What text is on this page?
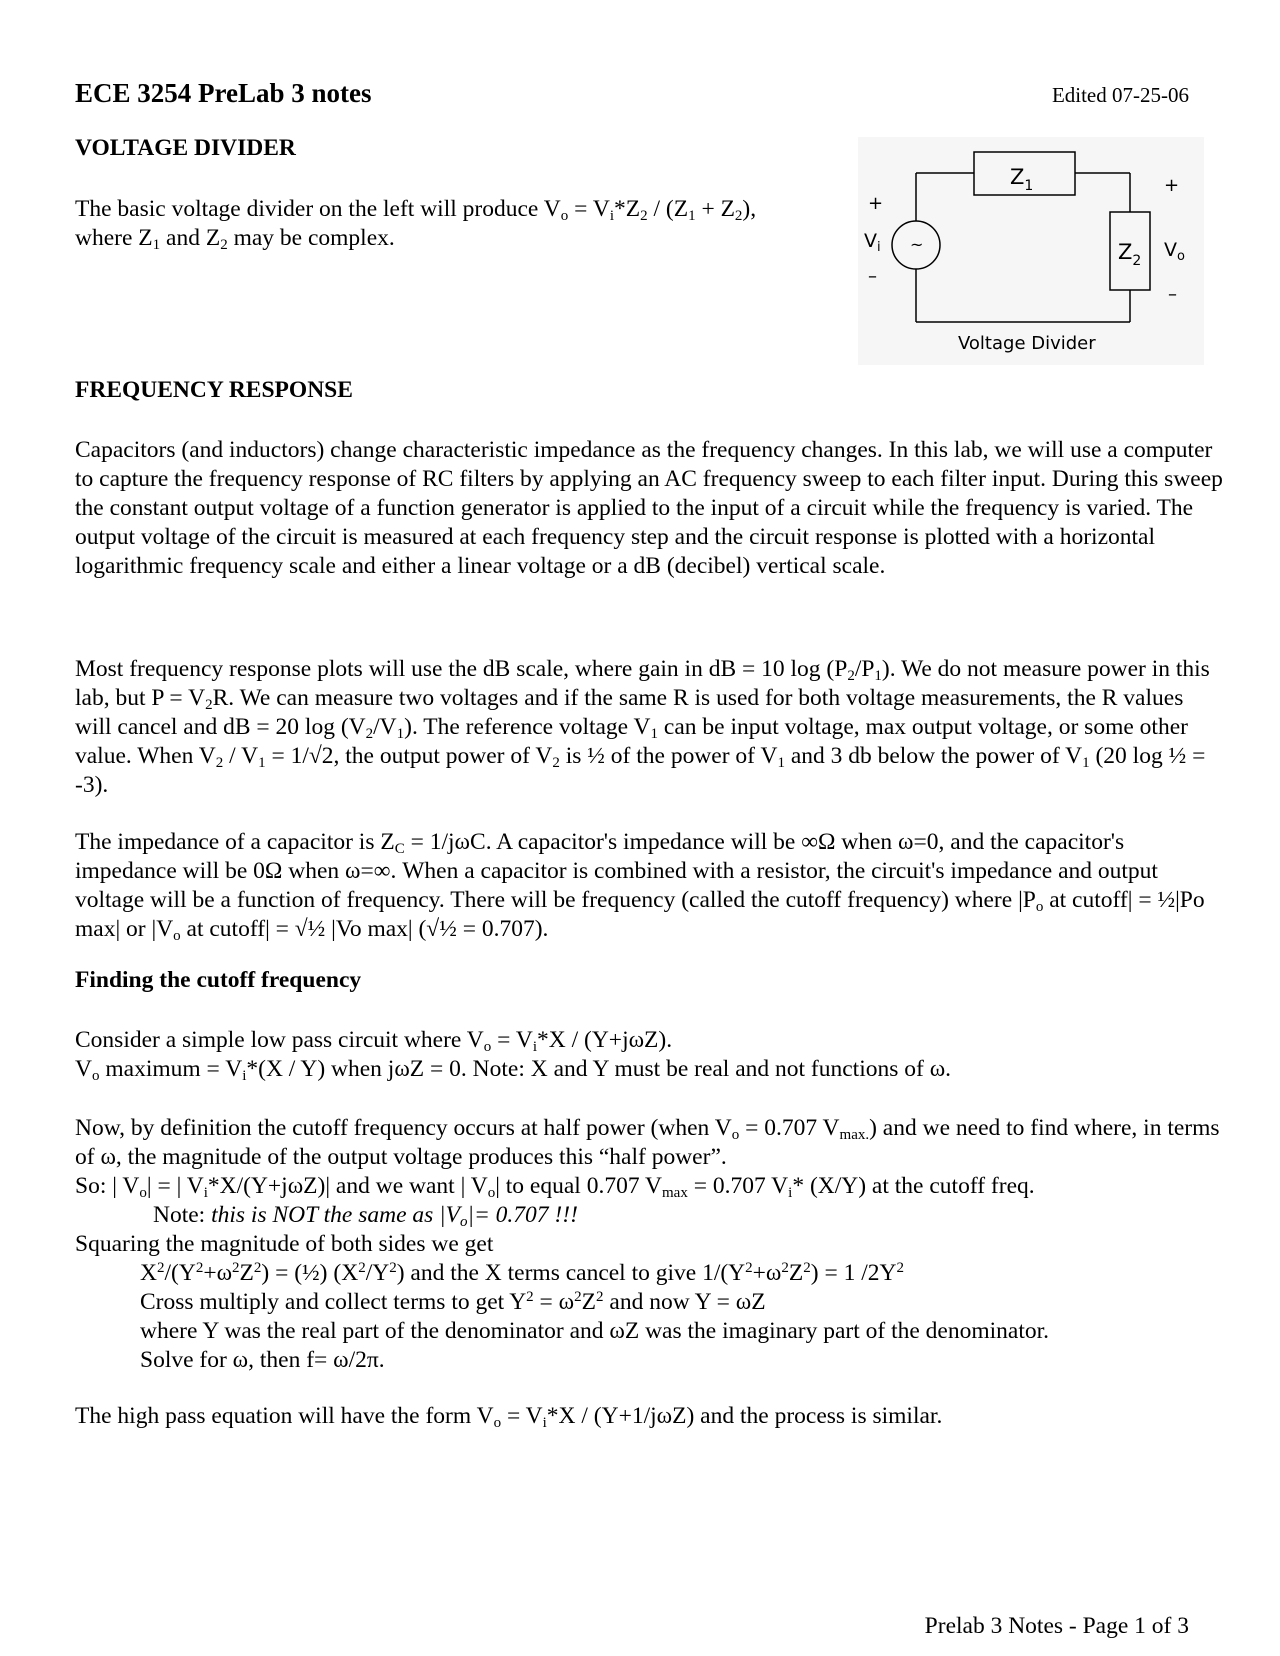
ECE 3254 PreLab 3 notes	Edited 07-25-06
VOLTAGE DIVIDER

The basic voltage divider on the left will produce $V_o = V_i*Z_2 / (Z_1 + Z_2)$,

where $Z_1$ and $Z_2$ may be complex.	~
$Z_1$
$Z_2$
+
$V_i$
–
+
$V_o$
–
Voltage Divider
FREQUENCY RESPONSE

Capacitors (and inductors) change characteristic impedance as the frequency changes. In this lab, we will use a computer to capture the frequency response of RC filters by applying an AC frequency sweep to each filter input. During this sweep the constant output voltage of a function generator is applied to the input of a circuit while the frequency is varied. The output voltage of the circuit is measured at each frequency step and the circuit response is plotted with a horizontal logarithmic frequency scale and either a linear voltage or a dB (decibel) vertical scale.

Most frequency response plots will use the dB scale, where gain in dB = 10 $\log (P_2/P_1)$. We do not measure power in this lab, but $P = V_2R$. We can measure two voltages and if the same R is used for both voltage measurements, the R values will cancel and dB = 20 $\log (V_2/V_1)$. The reference voltage $V_1$ can be input voltage, max output voltage, or some other value. When $V_2 / V_1 = 1/√2$, the output power of $V_2$ is ½ of the power of $V_1$ and 3 db below the power of $V_1$ (20 log ½ = -3).

The impedance of a capacitor is $Z_C = 1/j\omega C$. A capacitor's impedance will be ∞Ω when ω=0, and the capacitor's impedance will be 0Ω when ω=∞. When a capacitor is combined with a resistor, the circuit's impedance and output voltage will be a function of frequency. There will be frequency (called the cutoff frequency) where $|P_o$ at cutoff| = ½|Po max| or $|V_o$ at cutoff| = √½ |Vo max| (√½ = 0.707).

Finding the cutoff frequency

Consider a simple low pass circuit where $V_o = V_i*X / (Y+j\omega Z)$.

$V_o$ maximum = $V_i*(X / Y)$ when jωZ = 0. Note: X and Y must be real and not functions of ω.

Now, by definition the cutoff frequency occurs at half power (when $V_o = 0.707$ $V_{max.}$) and we need to find where, in terms of ω, the magnitude of the output voltage produces this “half power”.

So: | $V_o|$ = | $V_i*X/(Y+j\omega Z)|$ and we want | $V_o|$ to equal 0.707 $V_{max} = 0.707$ $V_i*$ (X/Y) at the cutoff freq.

Note: this is NOT the same as $|V_o|= 0.707$ !!!

Squaring the magnitude of both sides we get

$X^2/(Y^2+\omega^2Z^2)$ = (½) $(X^2/Y^2)$ and the X terms cancel to give $1/(Y^2+\omega^2Z^2) = 1$ $/2Y^2$

Cross multiply and collect terms to get $Y^2 = \omega^2Z^2$ and now Y = ωZ

where Y was the real part of the denominator and ωZ was the imaginary part of the denominator.

Solve for ω, then f= ω/2π.

The high pass equation will have the form $V_o = V_i*X / (Y+1/j\omega Z)$ and the process is similar.

Prelab 3 Notes - Page 1 of 3
